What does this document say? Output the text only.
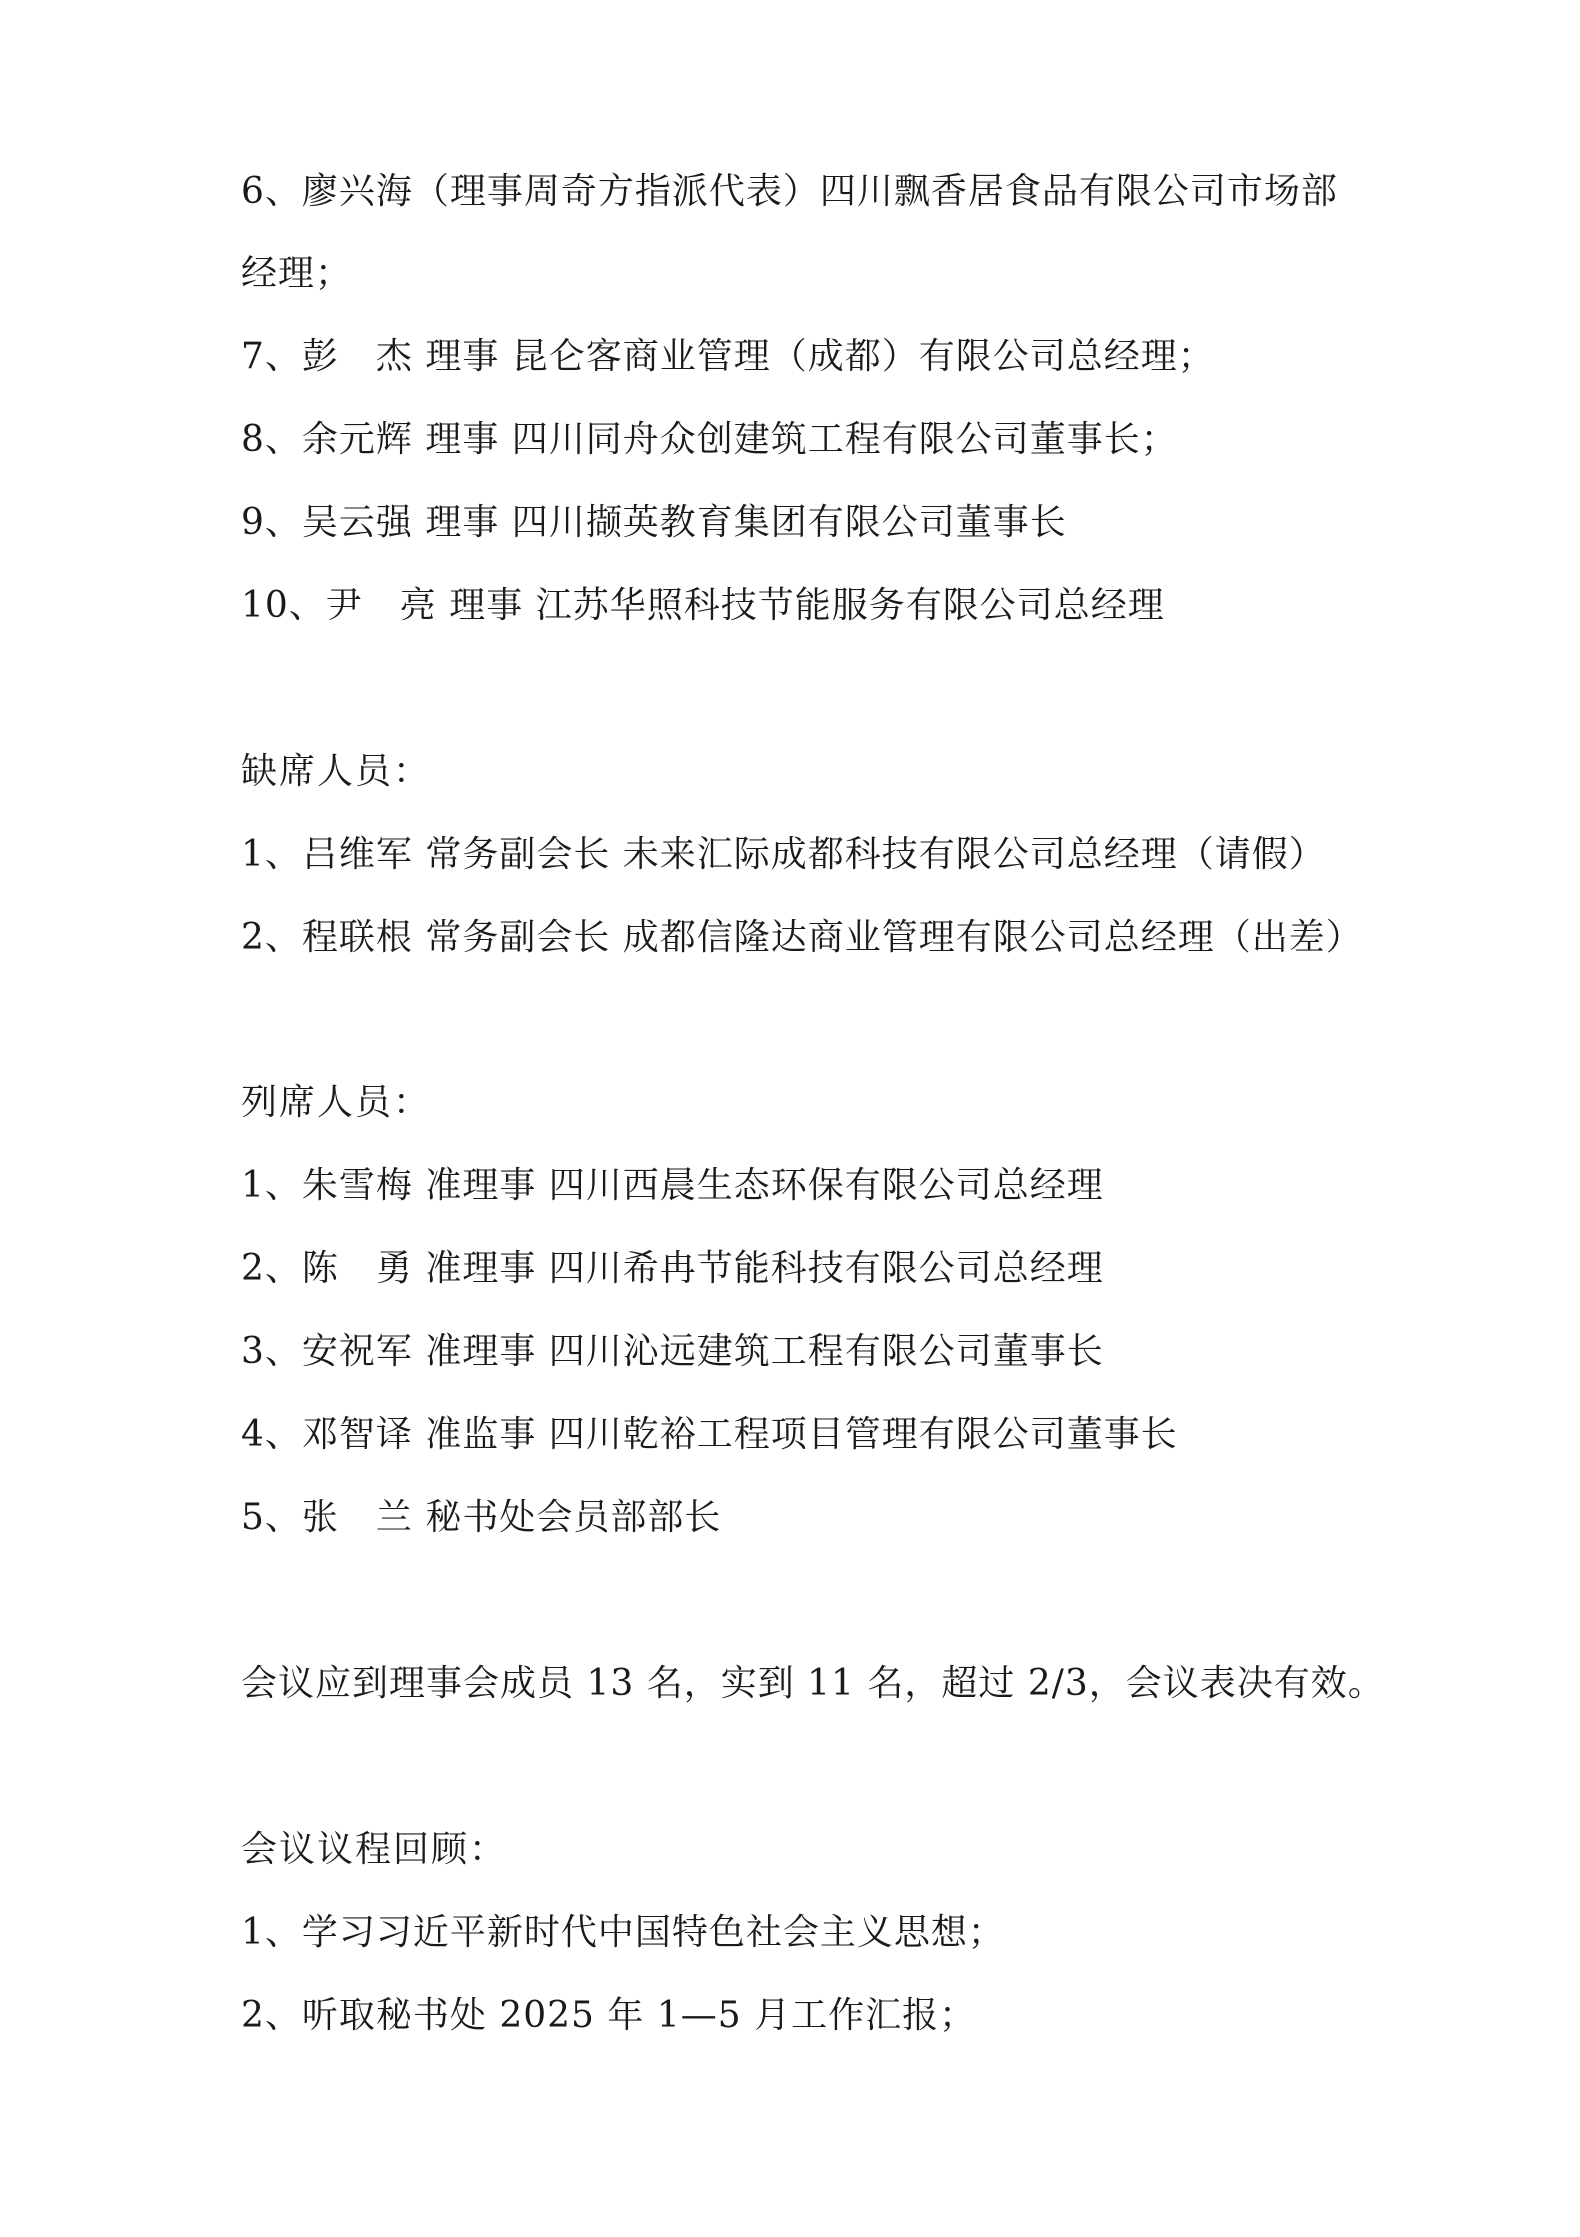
6、廖兴海（理事周奇方指派代表）四川飘香居食品有限公司市场部
经理；
7、彭　杰 理事 昆仑客商业管理（成都）有限公司总经理；
8、余元辉 理事 四川同舟众创建筑工程有限公司董事长；
9、吴云强 理事 四川撷英教育集团有限公司董事长
10、尹　亮 理事 江苏华照科技节能服务有限公司总经理
缺席人员：
1、吕维军 常务副会长 未来汇际成都科技有限公司总经理（请假）
2、程联根 常务副会长 成都信隆达商业管理有限公司总经理（出差）
列席人员：
1、朱雪梅 准理事 四川西晨生态环保有限公司总经理
2、陈　勇 准理事 四川希冉节能科技有限公司总经理
3、安祝军 准理事 四川沁远建筑工程有限公司董事长
4、邓智译 准监事 四川乾裕工程项目管理有限公司董事长
5、张　兰 秘书处会员部部长
会议应到理事会成员 13 名，实到 11 名，超过 2/3，会议表决有效。
会议议程回顾：
1、学习习近平新时代中国特色社会主义思想；
2、听取秘书处 2025 年 1—5 月工作汇报；
